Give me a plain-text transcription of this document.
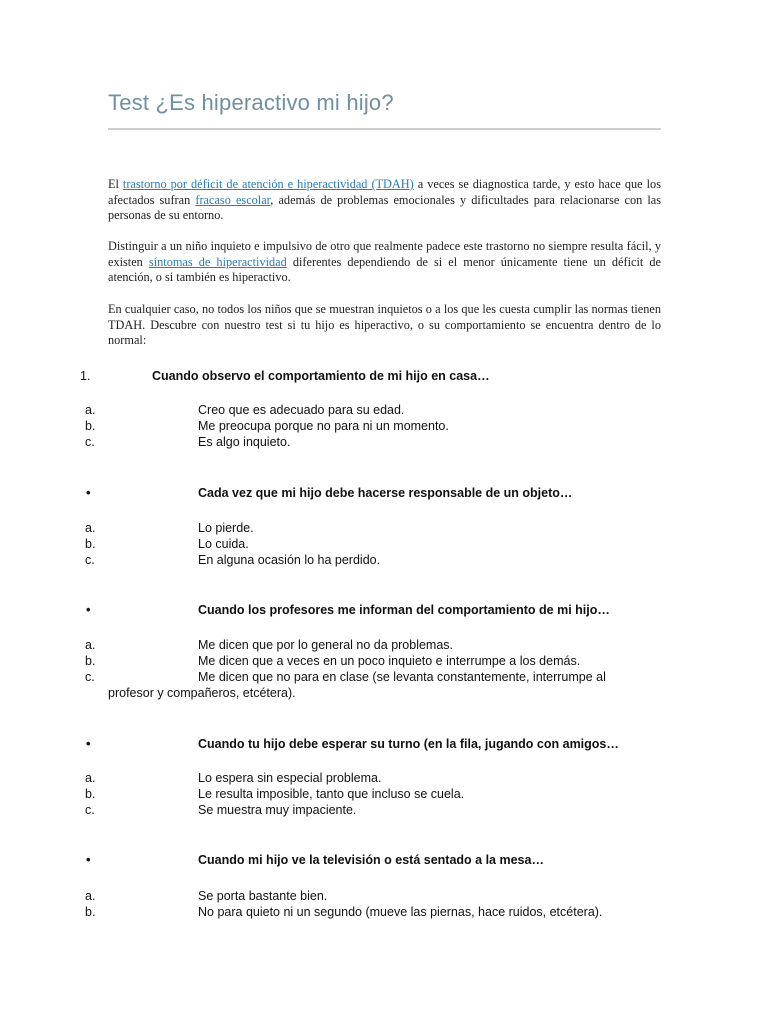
Test ¿Es hiperactivo mi hijo?

El trastorno por déficit de atención e hiperactividad (TDAH) a veces se diagnostica tarde, y esto hace que los afectados sufran fracaso escolar, además de problemas emocionales y dificultades para relacionarse con las personas de su entorno.

Distinguir a un niño inquieto e impulsivo de otro que realmente padece este trastorno no siempre resulta fácil, y existen síntomas de hiperactividad diferentes dependiendo de si el menor únicamente tiene un déficit de atención, o si también es hiperactivo.

En cualquier caso, no todos los niños que se muestran inquietos o a los que les cuesta cumplir las normas tienen TDAH. Descubre con nuestro test si tu hijo es hiperactivo, o su comportamiento se encuentra dentro de lo normal:

1.	Cuando observo el comportamiento de mi hijo en casa…
a.	Creo que es adecuado para su edad.
b.	Me preocupa porque no para ni un momento.
c.	Es algo inquieto.
•	Cada vez que mi hijo debe hacerse responsable de un objeto…
a.	Lo pierde.
b.	Lo cuida.
c.	En alguna ocasión lo ha perdido.
•	Cuando los profesores me informan del comportamiento de mi hijo…
a.	Me dicen que por lo general no da problemas.
b.	Me dicen que a veces en un poco inquieto e interrumpe a los demás.
c.	Me dicen que no para en clase (se levanta constantemente, interrumpe al
profesor y compañeros, etcétera).
•	Cuando tu hijo debe esperar su turno (en la fila, jugando con amigos…
a.	Lo espera sin especial problema.
b.	Le resulta imposible, tanto que incluso se cuela.
c.	Se muestra muy impaciente.
•	Cuando mi hijo ve la televisión o está sentado a la mesa…
a.	Se porta bastante bien.
b.	No para quieto ni un segundo (mueve las piernas, hace ruidos, etcétera).
